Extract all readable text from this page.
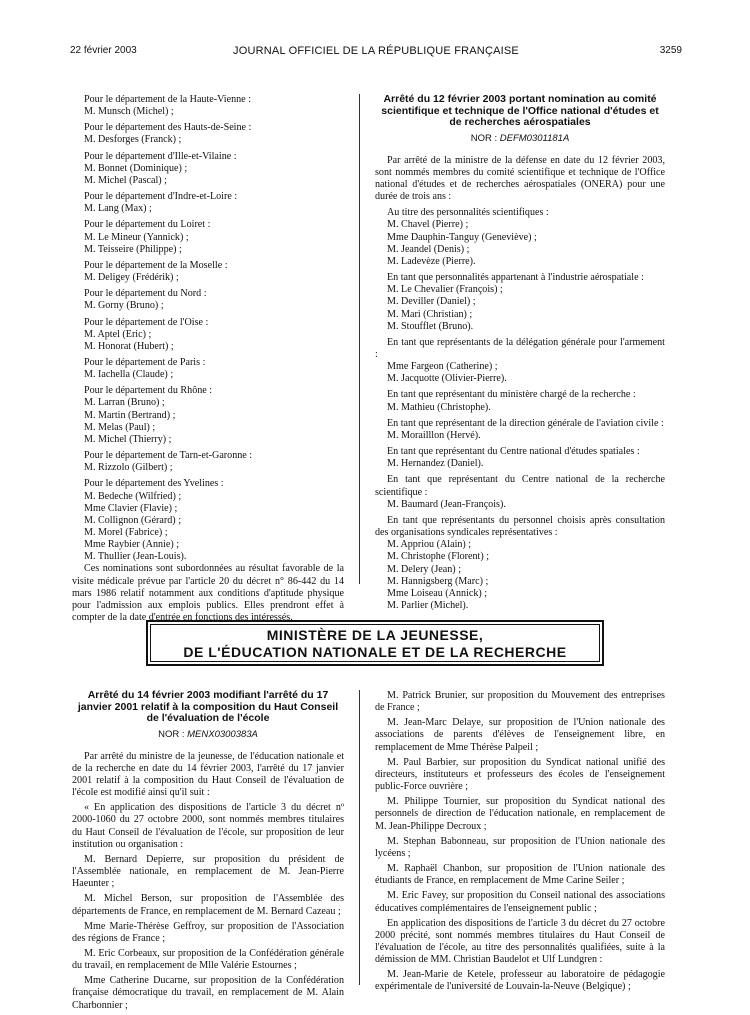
22 février 2003	JOURNAL OFFICIEL DE LA RÉPUBLIQUE FRANÇAISE	3259

Pour le département de la Haute-Vienne :

M. Munsch (Michel) ;

Pour le département des Hauts-de-Seine :

M. Desforges (Franck) ;

Pour le département d'Ille-et-Vilaine :

M. Bonnet (Dominique) ;

M. Michel (Pascal) ;

Pour le département d'Indre-et-Loire :

M. Lang (Max) ;

Pour le département du Loiret :

M. Le Mineur (Yannick) ;

M. Teisseire (Philippe) ;

Pour le département de la Moselle :

M. Deligey (Frédérik) ;

Pour le département du Nord :

M. Gorny (Bruno) ;

Pour le département de l'Oise :

M. Aptel (Eric) ;

M. Honorat (Hubert) ;

Pour le département de Paris :

M. Iachella (Claude) ;

Pour le département du Rhône :

M. Larran (Bruno) ;

M. Martin (Bertrand) ;

M. Melas (Paul) ;

M. Michel (Thierry) ;

Pour le département de Tarn-et-Garonne :

M. Rizzolo (Gilbert) ;

Pour le département des Yvelines :

M. Bedeche (Wilfried) ;

Mme Clavier (Flavie) ;

M. Collignon (Gérard) ;

M. Morel (Fabrice) ;

Mme Raybier (Annie) ;

M. Thullier (Jean-Louis).

Ces nominations sont subordonnées au résultat favorable de la visite médicale prévue par l'article 20 du décret n° 86-442 du 14 mars 1986 relatif notamment aux conditions d'aptitude physique pour l'admission aux emplois publics. Elles prendront effet à compter de la date d'entrée en fonctions des intéressés.

Arrêté du 12 février 2003 portant nomination au comité scientifique et technique de l'Office national d'études et de recherches aérospatiales

NOR : DEFM0301181A

Par arrêté de la ministre de la défense en date du 12 février 2003, sont nommés membres du comité scientifique et technique de l'Office national d'études et de recherches aérospatiales (ONERA) pour une durée de trois ans :

Au titre des personnalités scientifiques :

M. Chavel (Pierre) ;

Mme Dauphin-Tanguy (Geneviève) ;

M. Jeandel (Denis) ;

M. Ladevèze (Pierre).

En tant que personnalités appartenant à l'industrie aérospatiale :

M. Le Chevalier (François) ;

M. Deviller (Daniel) ;

M. Mari (Christian) ;

M. Stoufflet (Bruno).

En tant que représentants de la délégation générale pour l'armement :

Mme Fargeon (Catherine) ;

M. Jacquotte (Olivier-Pierre).

En tant que représentant du ministère chargé de la recherche :

M. Mathieu (Christophe).

En tant que représentant de la direction générale de l'aviation civile :

M. Morailllon (Hervé).

En tant que représentant du Centre national d'études spatiales :

M. Hernandez (Daniel).

En tant que représentant du Centre national de la recherche scientifique :

M. Baumard (Jean-François).

En tant que représentants du personnel choisis après consultation des organisations syndicales représentatives :

M. Appriou (Alain) ;

M. Christophe (Florent) ;

M. Delery (Jean) ;

M. Hannigsberg (Marc) ;

Mme Loiseau (Annick) ;

M. Parlier (Michel).

MINISTÈRE DE LA JEUNESSE,
DE L'ÉDUCATION NATIONALE ET DE LA RECHERCHE

Arrêté du 14 février 2003 modifiant l'arrêté du 17 janvier 2001 relatif à la composition du Haut Conseil de l'évaluation de l'école

NOR : MENX0300383A

Par arrêté du ministre de la jeunesse, de l'éducation nationale et de la recherche en date du 14 février 2003, l'arrêté du 17 janvier 2001 relatif à la composition du Haut Conseil de l'évaluation de l'école est modifié ainsi qu'il suit :

« En application des dispositions de l'article 3 du décret nº 2000-1060 du 27 octobre 2000, sont nommés membres titulaires du Haut Conseil de l'évaluation de l'école, sur proposition de leur institution ou organisation :

M. Bernard Depierre, sur proposition du président de l'Assemblée nationale, en remplacement de M. Jean-Pierre Haeunter ;

M. Michel Berson, sur proposition de l'Assemblée des départements de France, en remplacement de M. Bernard Cazeau ;

Mme Marie-Thérèse Geffroy, sur proposition de l'Association des régions de France ;

M. Eric Corbeaux, sur proposition de la Confédération générale du travail, en remplacement de Mlle Valérie Estournes ;

Mme Catherine Ducarne, sur proposition de la Confédération française démocratique du travail, en remplacement de M. Alain Charbonnier ;

M. Patrick Brunier, sur proposition du Mouvement des entreprises de France ;

M. Jean-Marc Delaye, sur proposition de l'Union nationale des associations de parents d'élèves de l'enseignement libre, en remplacement de Mme Thérèse Palpeil ;

M. Paul Barbier, sur proposition du Syndicat national unifié des directeurs, instituteurs et professeurs des écoles de l'enseignement public-Force ouvrière ;

M. Philippe Tournier, sur proposition du Syndicat national des personnels de direction de l'éducation nationale, en remplacement de M. Jean-Philippe Decroux ;

M. Stephan Babonneau, sur proposition de l'Union nationale des lycéens ;

M. Raphaël Chanbon, sur proposition de l'Union nationale des étudiants de France, en remplacement de Mme Carine Seiler ;

M. Eric Favey, sur proposition du Conseil national des associations éducatives complémentaires de l'enseignement public ;

En application des dispositions de l'article 3 du décret du 27 octobre 2000 précité, sont nommés membres titulaires du Haut Conseil de l'évaluation de l'école, au titre des personnalités qualifiées, suite à la démission de MM. Christian Baudelot et Ulf Lundgren :

M. Jean-Marie de Ketele, professeur au laboratoire de pédagogie expérimentale de l'université de Louvain-la-Neuve (Belgique) ;
